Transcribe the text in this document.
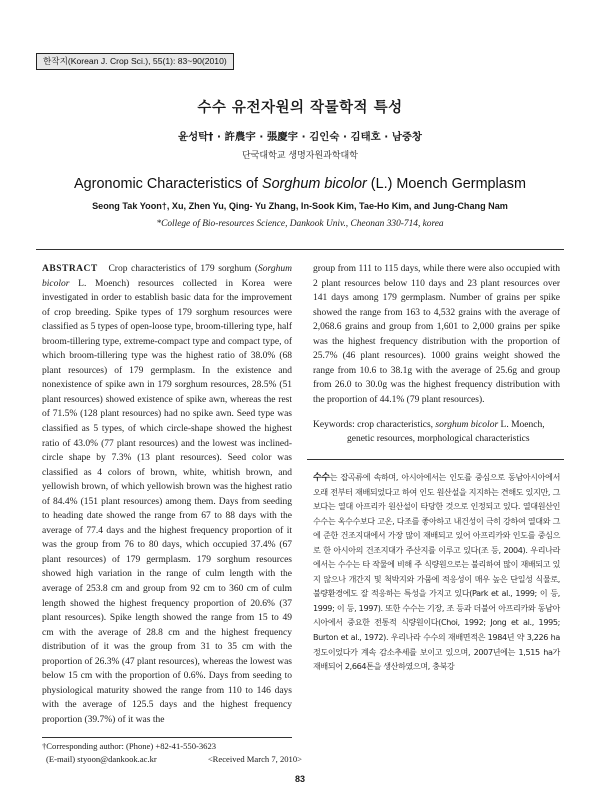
한작지(Korean J. Crop Sci.), 55(1): 83~90(2010)
수수 유전자원의 작물학적 특성
윤성탁† · 許農宇 · 張慶宇 · 김인숙 · 김태호 · 남중창
단국대학교 생명자원과학대학
Agronomic Characteristics of Sorghum bicolor (L.) Moench Germplasm
Seong Tak Yoon†, Xu, Zhen Yu, Qing- Yu Zhang, In-Sook Kim, Tae-Ho Kim, and Jung-Chang Nam
*College of Bio-resources Science, Dankook Univ., Cheonan 330-714, korea
ABSTRACT Crop characteristics of 179 sorghum (Sorghum bicolor L. Moench) resources collected in Korea were investigated in order to establish basic data for the improvement of crop breeding. Spike types of 179 sorghum resources were classified as 5 types of open-loose type, broom-tillering type, half broom-tillering type, extreme-compact type and compact type, of which broom-tillering type was the highest ratio of 38.0% (68 plant resources) of 179 germplasm. In the existence and nonexistence of spike awn in 179 sorghum resources, 28.5% (51 plant resources) showed existence of spike awn, whereas the rest of 71.5% (128 plant resources) had no spike awn. Seed type was classified as 5 types, of which circle-shape showed the highest ratio of 43.0% (77 plant resources) and the lowest was inclined-circle shape by 7.3% (13 plant resources). Seed color was classified as 4 colors of brown, white, whitish brown, and yellowish brown, of which yellowish brown was the highest ratio of 84.4% (151 plant resources) among them. Days from seeding to heading date showed the range from 67 to 88 days with the average of 77.4 days and the highest frequency proportion of it was the group from 76 to 80 days, which occupied 37.4% (67 plant resources) of 179 germplasm. 179 sorghum resources showed high variation in the range of culm length with the average of 253.8 cm and group from 92 cm to 360 cm of culm length showed the highest frequency proportion of 20.6% (37 plant resources). Spike length showed the range from 15 to 49 cm with the average of 28.8 cm and the highest frequency distribution of it was the group from 31 to 35 cm with the proportion of 26.3% (47 plant resources), whereas the lowest was below 15 cm with the proportion of 0.6%. Days from seeding to physiological maturity showed the range from 110 to 146 days with the average of 125.5 days and the highest frequency proportion (39.7%) of it was the
group from 111 to 115 days, while there were also occupied with 2 plant resources below 110 days and 23 plant resources over 141 days among 179 germplasm. Number of grains per spike showed the range from 163 to 4,532 grains with the average of 2,068.6 grains and group from 1,601 to 2,000 grains per spike was the highest frequency distribution with the proportion of 25.7% (46 plant resources). 1000 grains weight showed the range from 10.6 to 38.1g with the average of 25.6g and group from 26.0 to 30.0g was the highest frequency distribution with the proportion of 44.1% (79 plant resources).
Keywords: crop characteristics, sorghum bicolor L. Moench,
genetic resources, morphological characteristics
수수는 잡곡류에 속하며, 아시아에서는 인도를 중심으로 동남아시아에서 오래 전부터 재배되었다고 하여 인도 원산설을 지지하는 견해도 있지만, 그 보다는 열대 아프리카 원산설이 타당한 것으로 인정되고 있다. 열대원산인 수수는 옥수수보다 고온, 다조를 좋아하고 내건성이 극히 강하여 열대와 그에 준한 건조지대에서 가장 많이 재배되고 있어 아프리카와 인도를 중심으로 한 아시아의 건조지대가 주산지를 이루고 있다(조 등, 2004). 우리나라에서는 수수는 타 작물에 비해 주 식량원으로는 불리하여 많이 재배되고 있지 않으나 개간지 및 척박지와 가뭄에 적응성이 매우 높은 단일성 식물로, 불량환경에도 잘 적응하는 특성을 가지고 있다(Park et al., 1999; 이 등, 1999; 이 등, 1997). 또한 수수는 기장, 조 등과 더불어 아프리카와 동남아시아에서 중요한 전통적 식량원이다(Choi, 1992; Jong et al., 1995; Burton et al., 1972). 우리나라 수수의 재배면적은 1984년 약 3,226 ha 정도이었다가 계속 감소추세를 보이고 있으며, 2007년에는 1,515 ha가 재배되어 2,664톤을 생산하였으며, 충북강
†Corresponding author: (Phone) +82-41-550-3623
(E-mail) styoon@dankook.ac.kr	<Received March 7, 2010>
83
